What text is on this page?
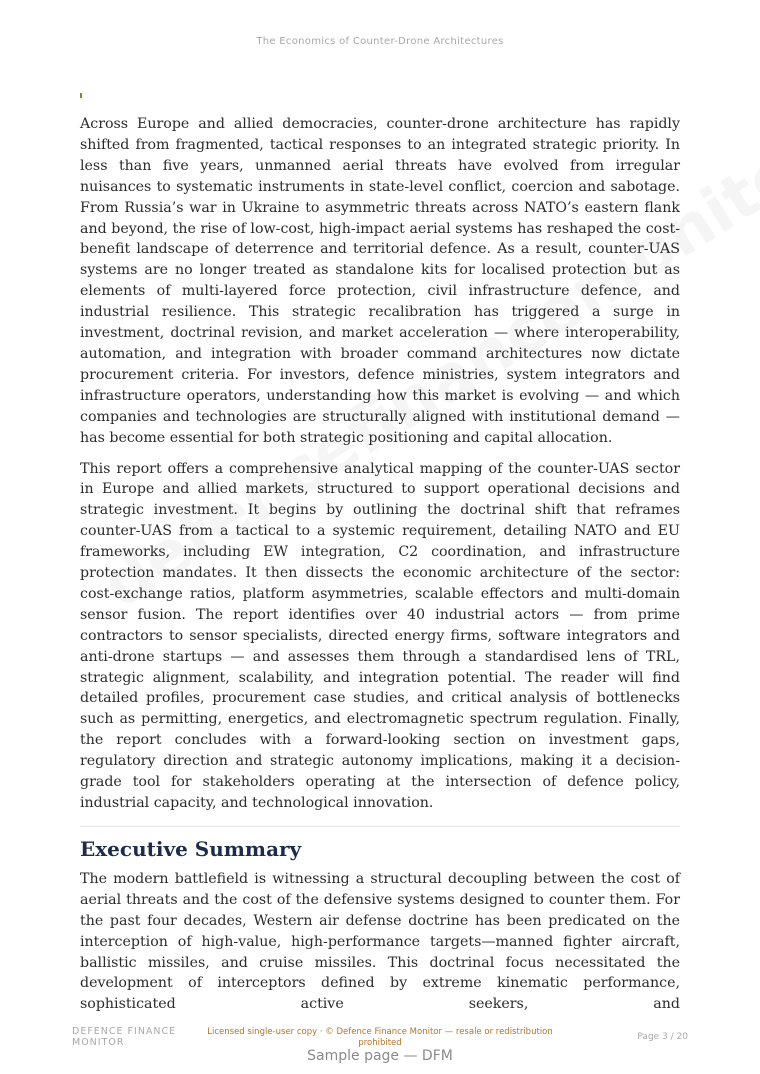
The Economics of Counter-Drone Architectures

Across Europe and allied democracies, counter-drone architecture has rapidly shifted from fragmented, tactical responses to an integrated strategic priority. In less than five years, unmanned aerial threats have evolved from irregular nuisances to systematic instruments in state-level conflict, coercion and sabotage. From Russia’s war in Ukraine to asymmetric threats across NATO’s eastern flank and beyond, the rise of low-cost, high-impact aerial systems has reshaped the cost-benefit landscape of deterrence and territorial defence. As a result, counter-UAS systems are no longer treated as standalone kits for localised protection but as elements of multi-layered force protection, civil infrastructure defence, and industrial resilience. This strategic recalibration has triggered a surge in investment, doctrinal revision, and market acceleration — where interoperability, automation, and integration with broader command architectures now dictate procurement criteria. For investors, defence ministries, system integrators and infrastructure operators, understanding how this market is evolving — and which companies and technologies are structurally aligned with institutional demand — has become essential for both strategic positioning and capital allocation.

This report offers a comprehensive analytical mapping of the counter-UAS sector in Europe and allied markets, structured to support operational decisions and strategic investment. It begins by outlining the doctrinal shift that reframes counter-UAS from a tactical to a systemic requirement, detailing NATO and EU frameworks, including EW integration, C2 coordination, and infrastructure protection mandates. It then dissects the economic architecture of the sector: cost-exchange ratios, platform asymmetries, scalable effectors and multi-domain sensor fusion. The report identifies over 40 industrial actors — from prime contractors to sensor specialists, directed energy firms, software integrators and anti-drone startups — and assesses them through a standardised lens of TRL, strategic alignment, scalability, and integration potential. The reader will find detailed profiles, procurement case studies, and critical analysis of bottlenecks such as permitting, energetics, and electromagnetic spectrum regulation. Finally, the report concludes with a forward-looking section on investment gaps, regulatory direction and strategic autonomy implications, making it a decision-grade tool for stakeholders operating at the intersection of defence policy, industrial capacity, and technological innovation.

Executive Summary

The modern battlefield is witnessing a structural decoupling between the cost of aerial threats and the cost of the defensive systems designed to counter them. For the past four decades, Western air defense doctrine has been predicated on the interception of high-value, high-performance targets—manned fighter aircraft, ballistic missiles, and cruise missiles. This doctrinal focus necessitated the development of interceptors defined by extreme kinematic performance, sophisticated active seekers, and

DEFENCE FINANCE
MONITOR
Licensed single-user copy · © Defence Finance Monitor — resale or redistribution prohibited
Page 3 / 20
Sample page — DFM
